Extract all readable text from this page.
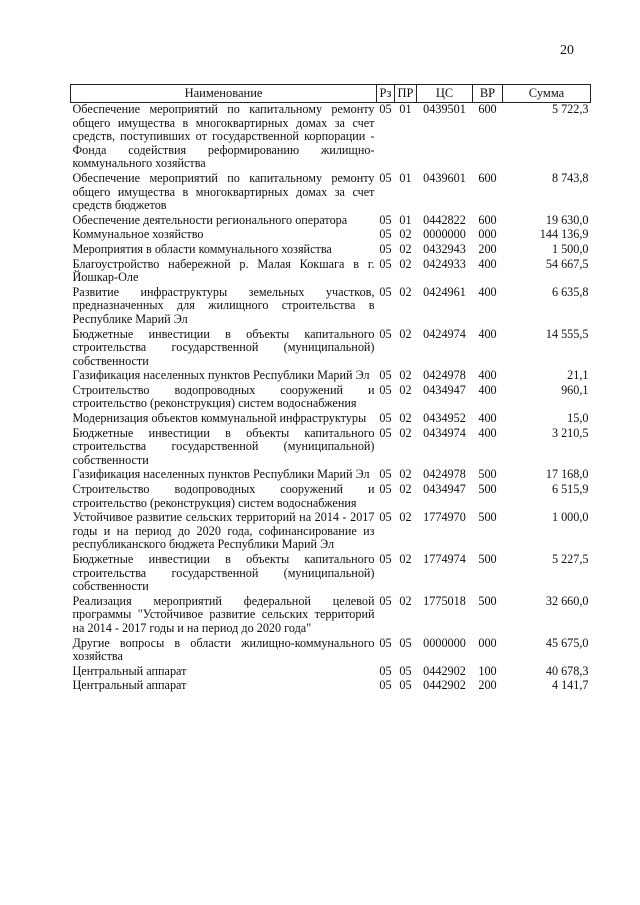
20
Наименование	Рз	ПР	ЦС	ВР	Сумма
Обеспечение мероприятий по капитальному ремонту общего имущества в многоквартирных домах за счет средств, поступивших от государственной корпорации - Фонда содействия реформированию жилищно-коммунального хозяйства	05	01	0439501	600	5 722,3
Обеспечение мероприятий по капитальному ремонту общего имущества в многоквартирных домах за счет средств бюджетов	05	01	0439601	600	8 743,8
Обеспечение деятельности регионального оператора	05	01	0442822	600	19 630,0
Коммунальное хозяйство	05	02	0000000	000	144 136,9
Мероприятия в области коммунального хозяйства	05	02	0432943	200	1 500,0
Благоустройство набережной р. Малая Кокшага в г. Йошкар-Оле	05	02	0424933	400	54 667,5
Развитие инфраструктуры земельных участков, предназначенных для жилищного строительства в Республике Марий Эл	05	02	0424961	400	6 635,8
Бюджетные инвестиции в объекты капитального строительства государственной (муниципальной) собственности	05	02	0424974	400	14 555,5
Газификация населенных пунктов Республики Марий Эл	05	02	0424978	400	21,1
Строительство водопроводных сооружений и строительство (реконструкция) систем водоснабжения	05	02	0434947	400	960,1
Модернизация объектов коммунальной инфраструктуры	05	02	0434952	400	15,0
Бюджетные инвестиции в объекты капитального строительства государственной (муниципальной) собственности	05	02	0434974	400	3 210,5
Газификация населенных пунктов Республики Марий Эл	05	02	0424978	500	17 168,0
Строительство водопроводных сооружений и строительство (реконструкция) систем водоснабжения	05	02	0434947	500	6 515,9
Устойчивое развитие сельских территорий на 2014 - 2017 годы и на период до 2020 года, софинансирование из республиканского бюджета Республики Марий Эл	05	02	1774970	500	1 000,0
Бюджетные инвестиции в объекты капитального строительства государственной (муниципальной) собственности	05	02	1774974	500	5 227,5
Реализация мероприятий федеральной целевой программы "Устойчивое развитие сельских территорий на 2014 - 2017 годы и на период до 2020 года"	05	02	1775018	500	32 660,0
Другие вопросы в области жилищно-коммунального хозяйства	05	05	0000000	000	45 675,0
Центральный аппарат	05	05	0442902	100	40 678,3
Центральный аппарат	05	05	0442902	200	4 141,7
